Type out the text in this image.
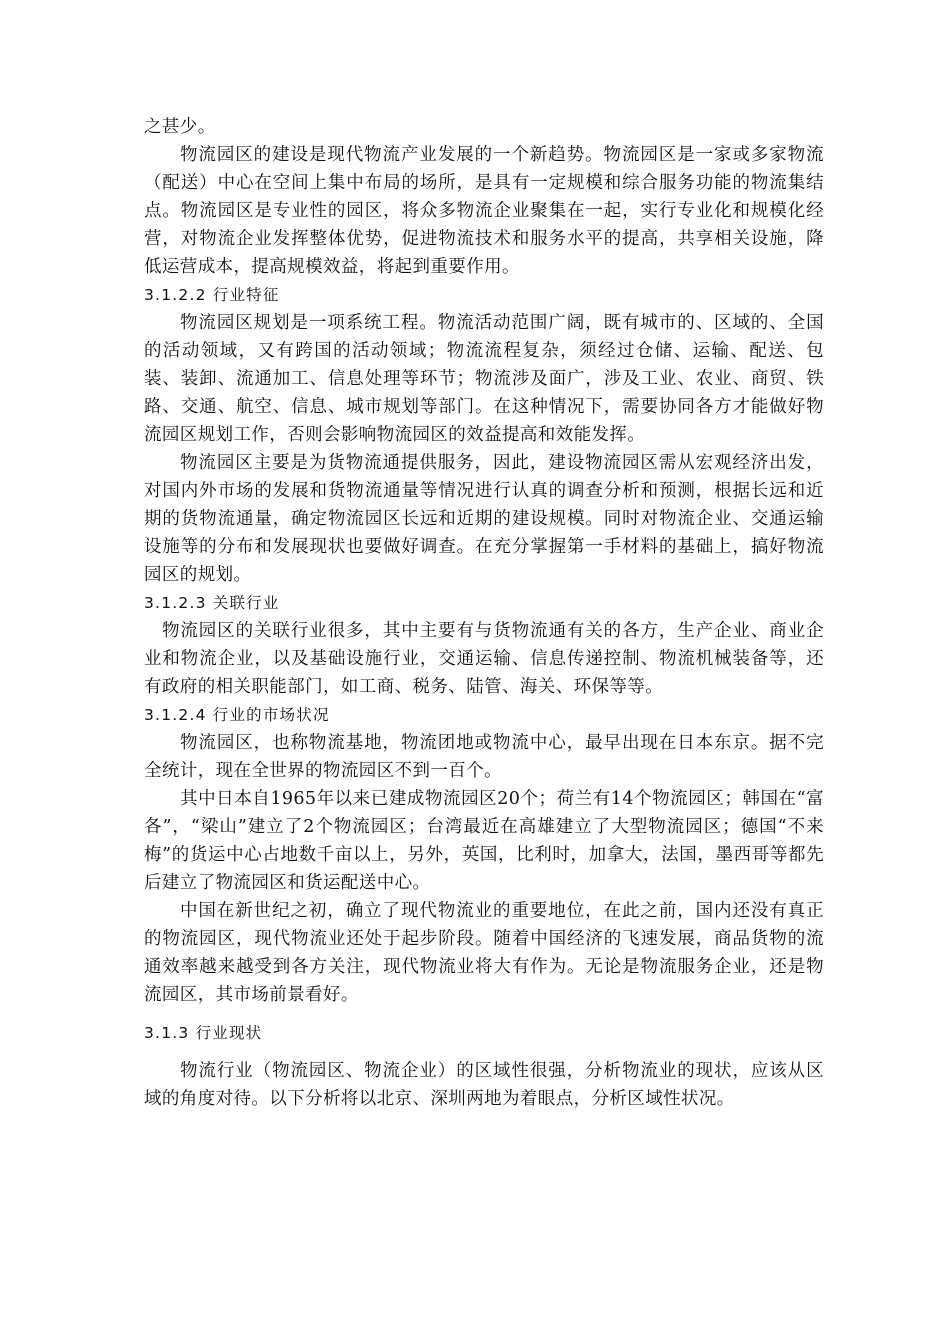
之甚少。

物流园区的建设是现代物流产业发展的一个新趋势。物流园区是一家或多家物流（配送）中心在空间上集中布局的场所，是具有一定规模和综合服务功能的物流集结点。物流园区是专业性的园区，将众多物流企业聚集在一起，实行专业化和规模化经营，对物流企业发挥整体优势，促进物流技术和服务水平的提高，共享相关设施，降低运营成本，提高规模效益，将起到重要作用。

3.1.2.2 行业特征

物流园区规划是一项系统工程。物流活动范围广阔，既有城市的、区域的、全国的活动领域，又有跨国的活动领域；物流流程复杂，须经过仓储、运输、配送、包装、装卸、流通加工、信息处理等环节；物流涉及面广，涉及工业、农业、商贸、铁路、交通、航空、信息、城市规划等部门。在这种情况下，需要协同各方才能做好物流园区规划工作，否则会影响物流园区的效益提高和效能发挥。

物流园区主要是为货物流通提供服务，因此，建设物流园区需从宏观经济出发，对国内外市场的发展和货物流通量等情况进行认真的调查分析和预测，根据长远和近期的货物流通量，确定物流园区长远和近期的建设规模。同时对物流企业、交通运输设施等的分布和发展现状也要做好调查。在充分掌握第一手材料的基础上，搞好物流园区的规划。

3.1.2.3 关联行业

物流园区的关联行业很多，其中主要有与货物流通有关的各方，生产企业、商业企业和物流企业，以及基础设施行业，交通运输、信息传递控制、物流机械装备等，还有政府的相关职能部门，如工商、税务、陆管、海关、环保等等。

3.1.2.4 行业的市场状况

物流园区，也称物流基地，物流团地或物流中心，最早出现在日本东京。据不完全统计，现在全世界的物流园区不到一百个。

其中日本自1965年以来已建成物流园区20个；荷兰有14个物流园区；韩国在“富各”，“梁山”建立了2个物流园区；台湾最近在高雄建立了大型物流园区；德国“不来梅”的货运中心占地数千亩以上，另外，英国，比利时，加拿大，法国，墨西哥等都先后建立了物流园区和货运配送中心。

中国在新世纪之初，确立了现代物流业的重要地位，在此之前，国内还没有真正的物流园区，现代物流业还处于起步阶段。随着中国经济的飞速发展，商品货物的流通效率越来越受到各方关注，现代物流业将大有作为。无论是物流服务企业，还是物流园区，其市场前景看好。

3.1.3 行业现状

物流行业（物流园区、物流企业）的区域性很强，分析物流业的现状，应该从区域的角度对待。以下分析将以北京、深圳两地为着眼点，分析区域性状况。
